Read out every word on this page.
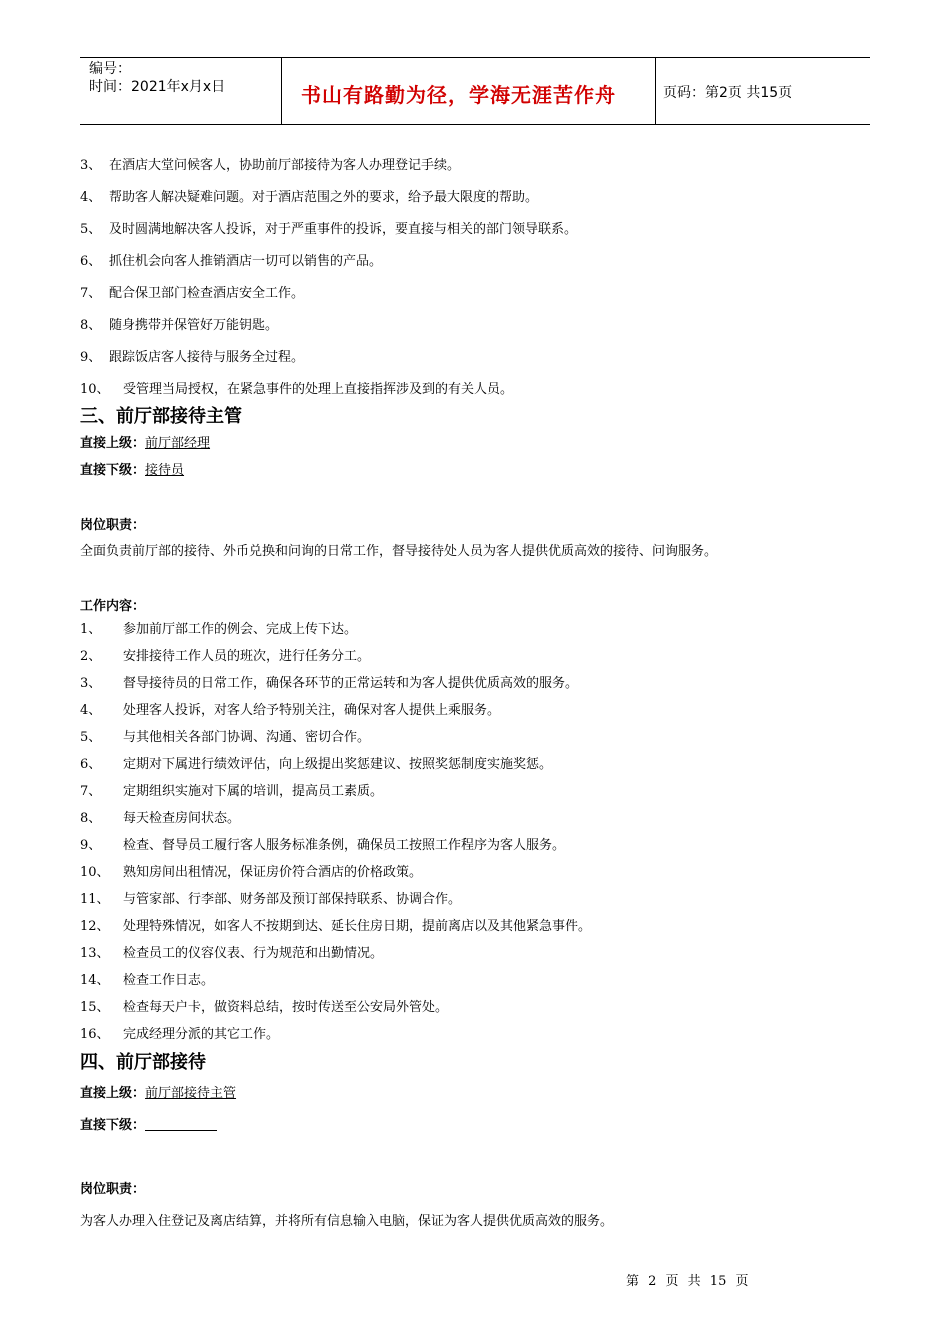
编号：
时间：2021年x月x日	书山有路勤为径，学海无涯苦作舟	页码：第2页 共15页
3、 在酒店大堂问候客人，协助前厅部接待为客人办理登记手续。
4、 帮助客人解决疑难问题。对于酒店范围之外的要求，给予最大限度的帮助。
5、 及时圆满地解决客人投诉，对于严重事件的投诉，要直接与相关的部门领导联系。
6、 抓住机会向客人推销酒店一切可以销售的产品。
7、 配合保卫部门检查酒店安全工作。
8、 随身携带并保管好万能钥匙。
9、 跟踪饭店客人接待与服务全过程。
10、 受管理当局授权，在紧急事件的处理上直接指挥涉及到的有关人员。
三、前厅部接待主管
直接上级：前厅部经理
直接下级：接待员
岗位职责：
全面负责前厅部的接待、外币兑换和问询的日常工作，督导接待处人员为客人提供优质高效的接待、问询服务。
工作内容：
1、 参加前厅部工作的例会、完成上传下达。
2、 安排接待工作人员的班次，进行任务分工。
3、 督导接待员的日常工作，确保各环节的正常运转和为客人提供优质高效的服务。
4、 处理客人投诉，对客人给予特别关注，确保对客人提供上乘服务。
5、 与其他相关各部门协调、沟通、密切合作。
6、 定期对下属进行绩效评估，向上级提出奖惩建议、按照奖惩制度实施奖惩。
7、 定期组织实施对下属的培训，提高员工素质。
8、 每天检查房间状态。
9、 检查、督导员工履行客人服务标准条例，确保员工按照工作程序为客人服务。
10、 熟知房间出租情况，保证房价符合酒店的价格政策。
11、 与管家部、行李部、财务部及预订部保持联系、协调合作。
12、 处理特殊情况，如客人不按期到达、延长住房日期，提前离店以及其他紧急事件。
13、 检查员工的仪容仪表、行为规范和出勤情况。
14、 检查工作日志。
15、 检查每天户卡，做资料总结，按时传送至公安局外管处。
16、 完成经理分派的其它工作。
四、前厅部接待
直接上级：前厅部接待主管
直接下级：
岗位职责：
为客人办理入住登记及离店结算，并将所有信息输入电脑，保证为客人提供优质高效的服务。
第 2 页 共 15 页
